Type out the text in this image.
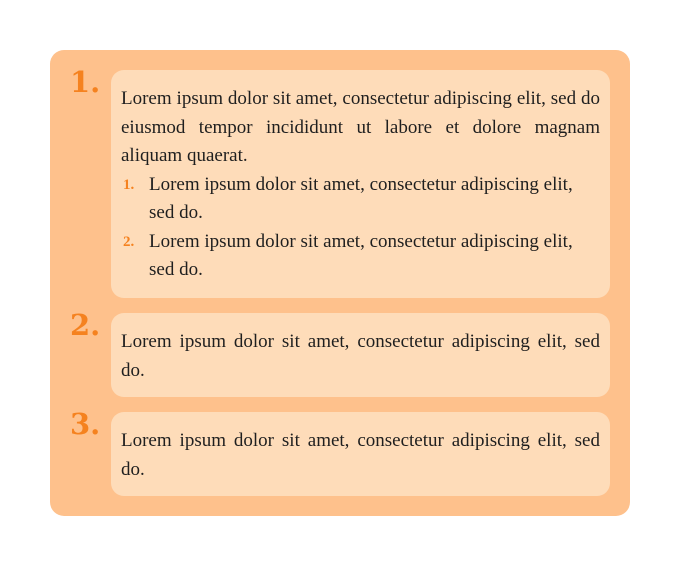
1. Lorem ipsum dolor sit amet, consectetur adipiscing elit, sed do eiusmod tempor incididunt ut labore et dolore magnam aliquam quaerat.

1. Lorem ipsum dolor sit amet, consectetur adipiscing elit, sed do.
2. Lorem ipsum dolor sit amet, consectetur adipiscing elit, sed do.
2. Lorem ipsum dolor sit amet, consectetur adipiscing elit, sed do.

3. Lorem ipsum dolor sit amet, consectetur adipiscing elit, sed do.
